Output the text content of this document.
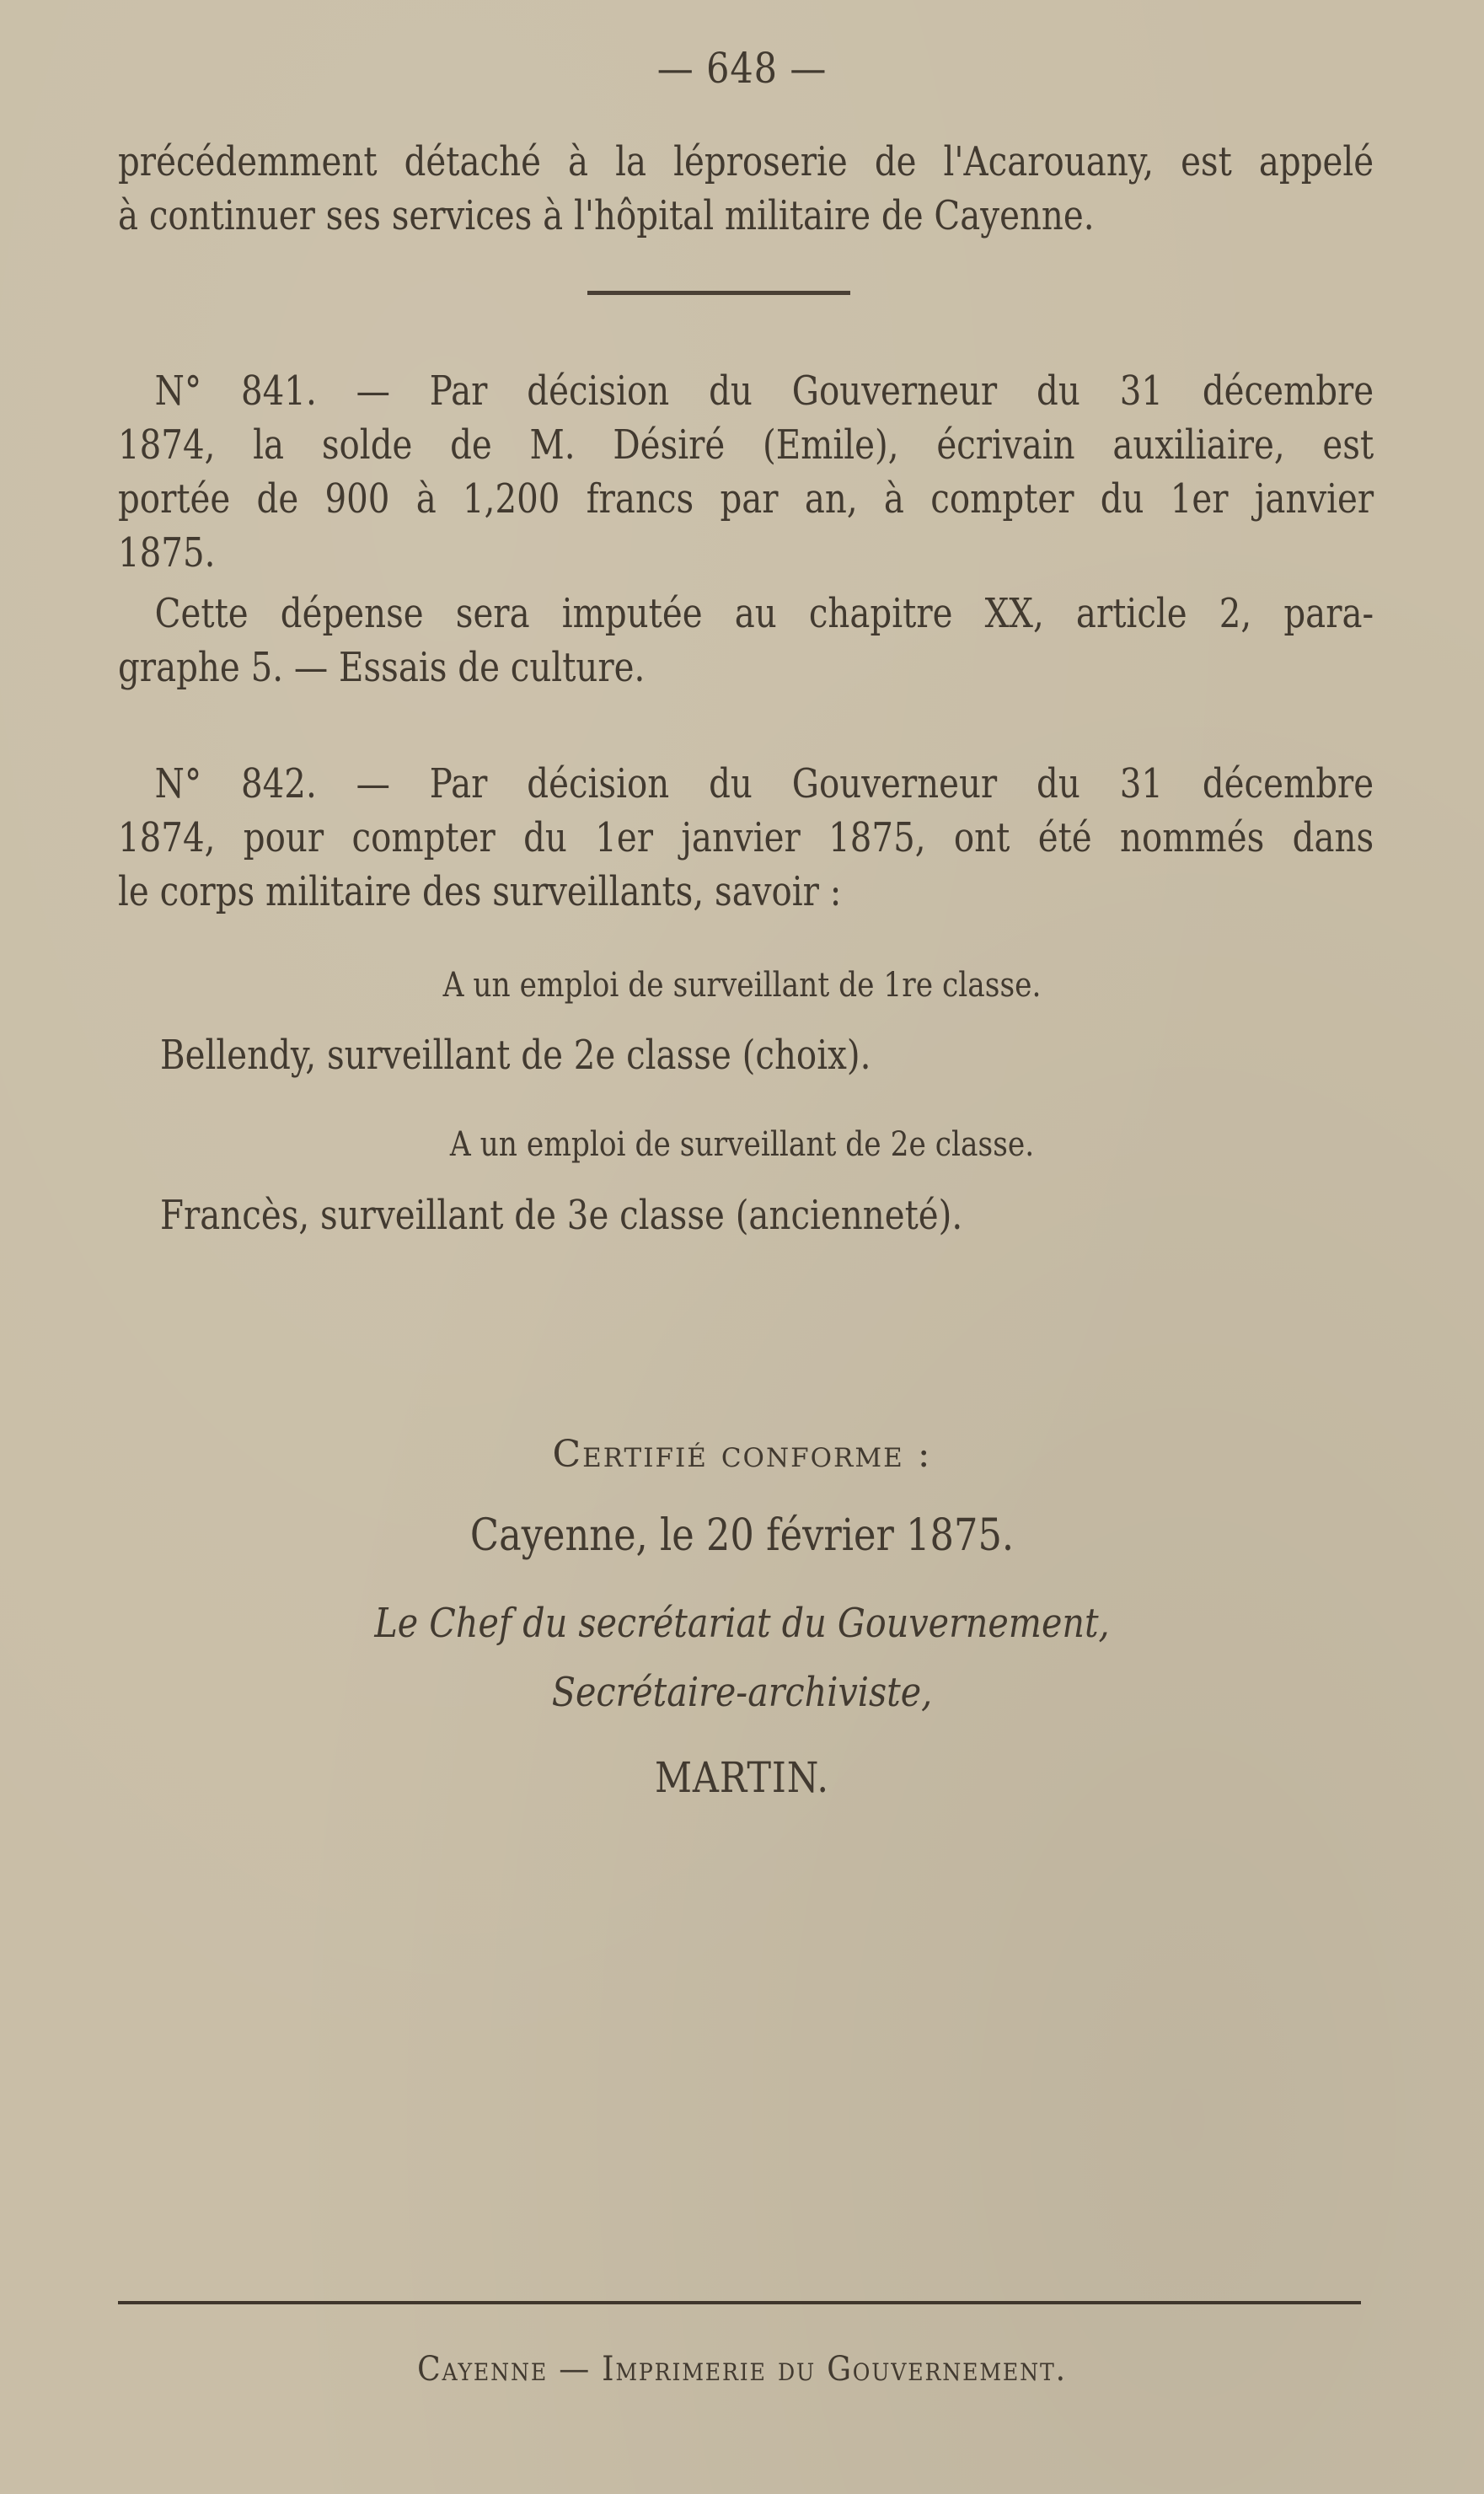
— 648 —
précédemment détaché à la léproserie de l'Acarouany, est appelé
à continuer ses services à l'hôpital militaire de Cayenne.
N° 841. — Par décision du Gouverneur du 31 décembre
1874, la solde de M. Désiré (Emile), écrivain auxiliaire, est
portée de 900 à 1,200 francs par an, à compter du 1er janvier
1875.
Cette dépense sera imputée au chapitre XX, article 2, para-
graphe 5. — Essais de culture.
N° 842. — Par décision du Gouverneur du 31 décembre
1874, pour compter du 1er janvier 1875, ont été nommés dans
le corps militaire des surveillants, savoir :
A un emploi de surveillant de 1re classe.
Bellendy, surveillant de 2e classe (choix).
A un emploi de surveillant de 2e classe.
Francès, surveillant de 3e classe (ancienneté).
Certifié conforme :
Cayenne, le 20 février 1875.
Le Chef du secrétariat du Gouvernement,
Secrétaire-archiviste,
MARTIN.
Cayenne — Imprimerie du Gouvernement.
